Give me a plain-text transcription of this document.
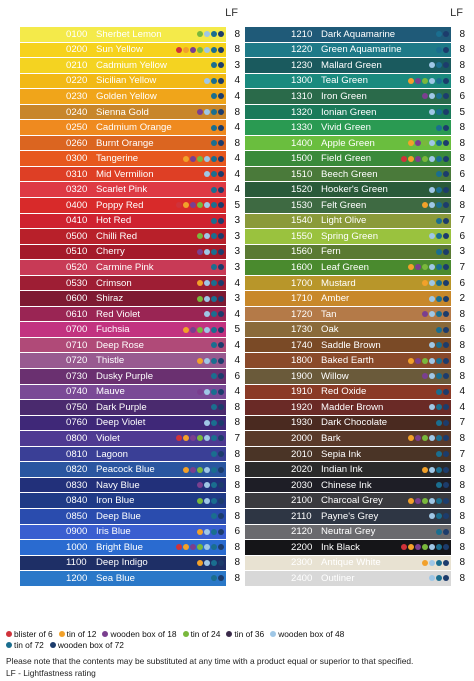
LF
0100 Sherbet Lemon	8
0200 Sun Yellow	8
0210 Cadmium Yellow	3
0220 Sicilian Yellow	4
0230 Golden Yellow	4
0240 Sienna Gold	8
0250 Cadmium Orange	4
0260 Burnt Orange	8
0300 Tangerine	4
0310 Mid Vermilion	4
0320 Scarlet Pink	4
0400 Poppy Red	5
0410 Hot Red	3
0500 Chilli Red	3
0510 Cherry	3
0520 Carmine Pink	3
0530 Crimson	4
0600 Shiraz	3
0610 Red Violet	4
0700 Fuchsia	5
0710 Deep Rose	4
0720 Thistle	4
0730 Dusky Purple	6
0740 Mauve	4
0750 Dark Purple	8
0760 Deep Violet	8
0800 Violet	7
0810 Lagoon	8
0820 Peacock Blue	8
0830 Navy Blue	8
0840 Iron Blue	8
0850 Deep Blue	8
0900 Iris Blue	6
1000 Bright Blue	8
1100 Deep Indigo	8
1200 Sea Blue	8
LF
1210 Dark Aquamarine	8
1220 Green Aquamarine	8
1230 Mallard Green	8
1300 Teal Green	8
1310 Iron Green	6
1320 Ionian Green	5
1330 Vivid Green	8
1400 Apple Green	8
1500 Field Green	8
1510 Beech Green	6
1520 Hooker's Green	4
1530 Felt Green	8
1540 Light Olive	7
1550 Spring Green	6
1560 Fern	3
1600 Leaf Green	7
1700 Mustard	6
1710 Amber	2
1720 Tan	8
1730 Oak	6
1740 Saddle Brown	8
1800 Baked Earth	8
1900 Willow	8
1910 Red Oxide	4
1920 Madder Brown	4
1930 Dark Chocolate	7
2000 Bark	8
2010 Sepia Ink	7
2020 Indian Ink	8
2030 Chinese Ink	8
2100 Charcoal Grey	8
2110 Payne's Grey	8
2120 Neutral Grey	8
2200 Ink Black	8
2300 Antique White	8
2400 Outliner	8
blister of 6 tin of 12 wooden box of 18 tin of 24 tin of 36 wooden box of 48
tin of 72 wooden box of 72
Please note that the contents may be substituted at any time with a product equal or superior to that specified.
LF - Lightfastness rating
